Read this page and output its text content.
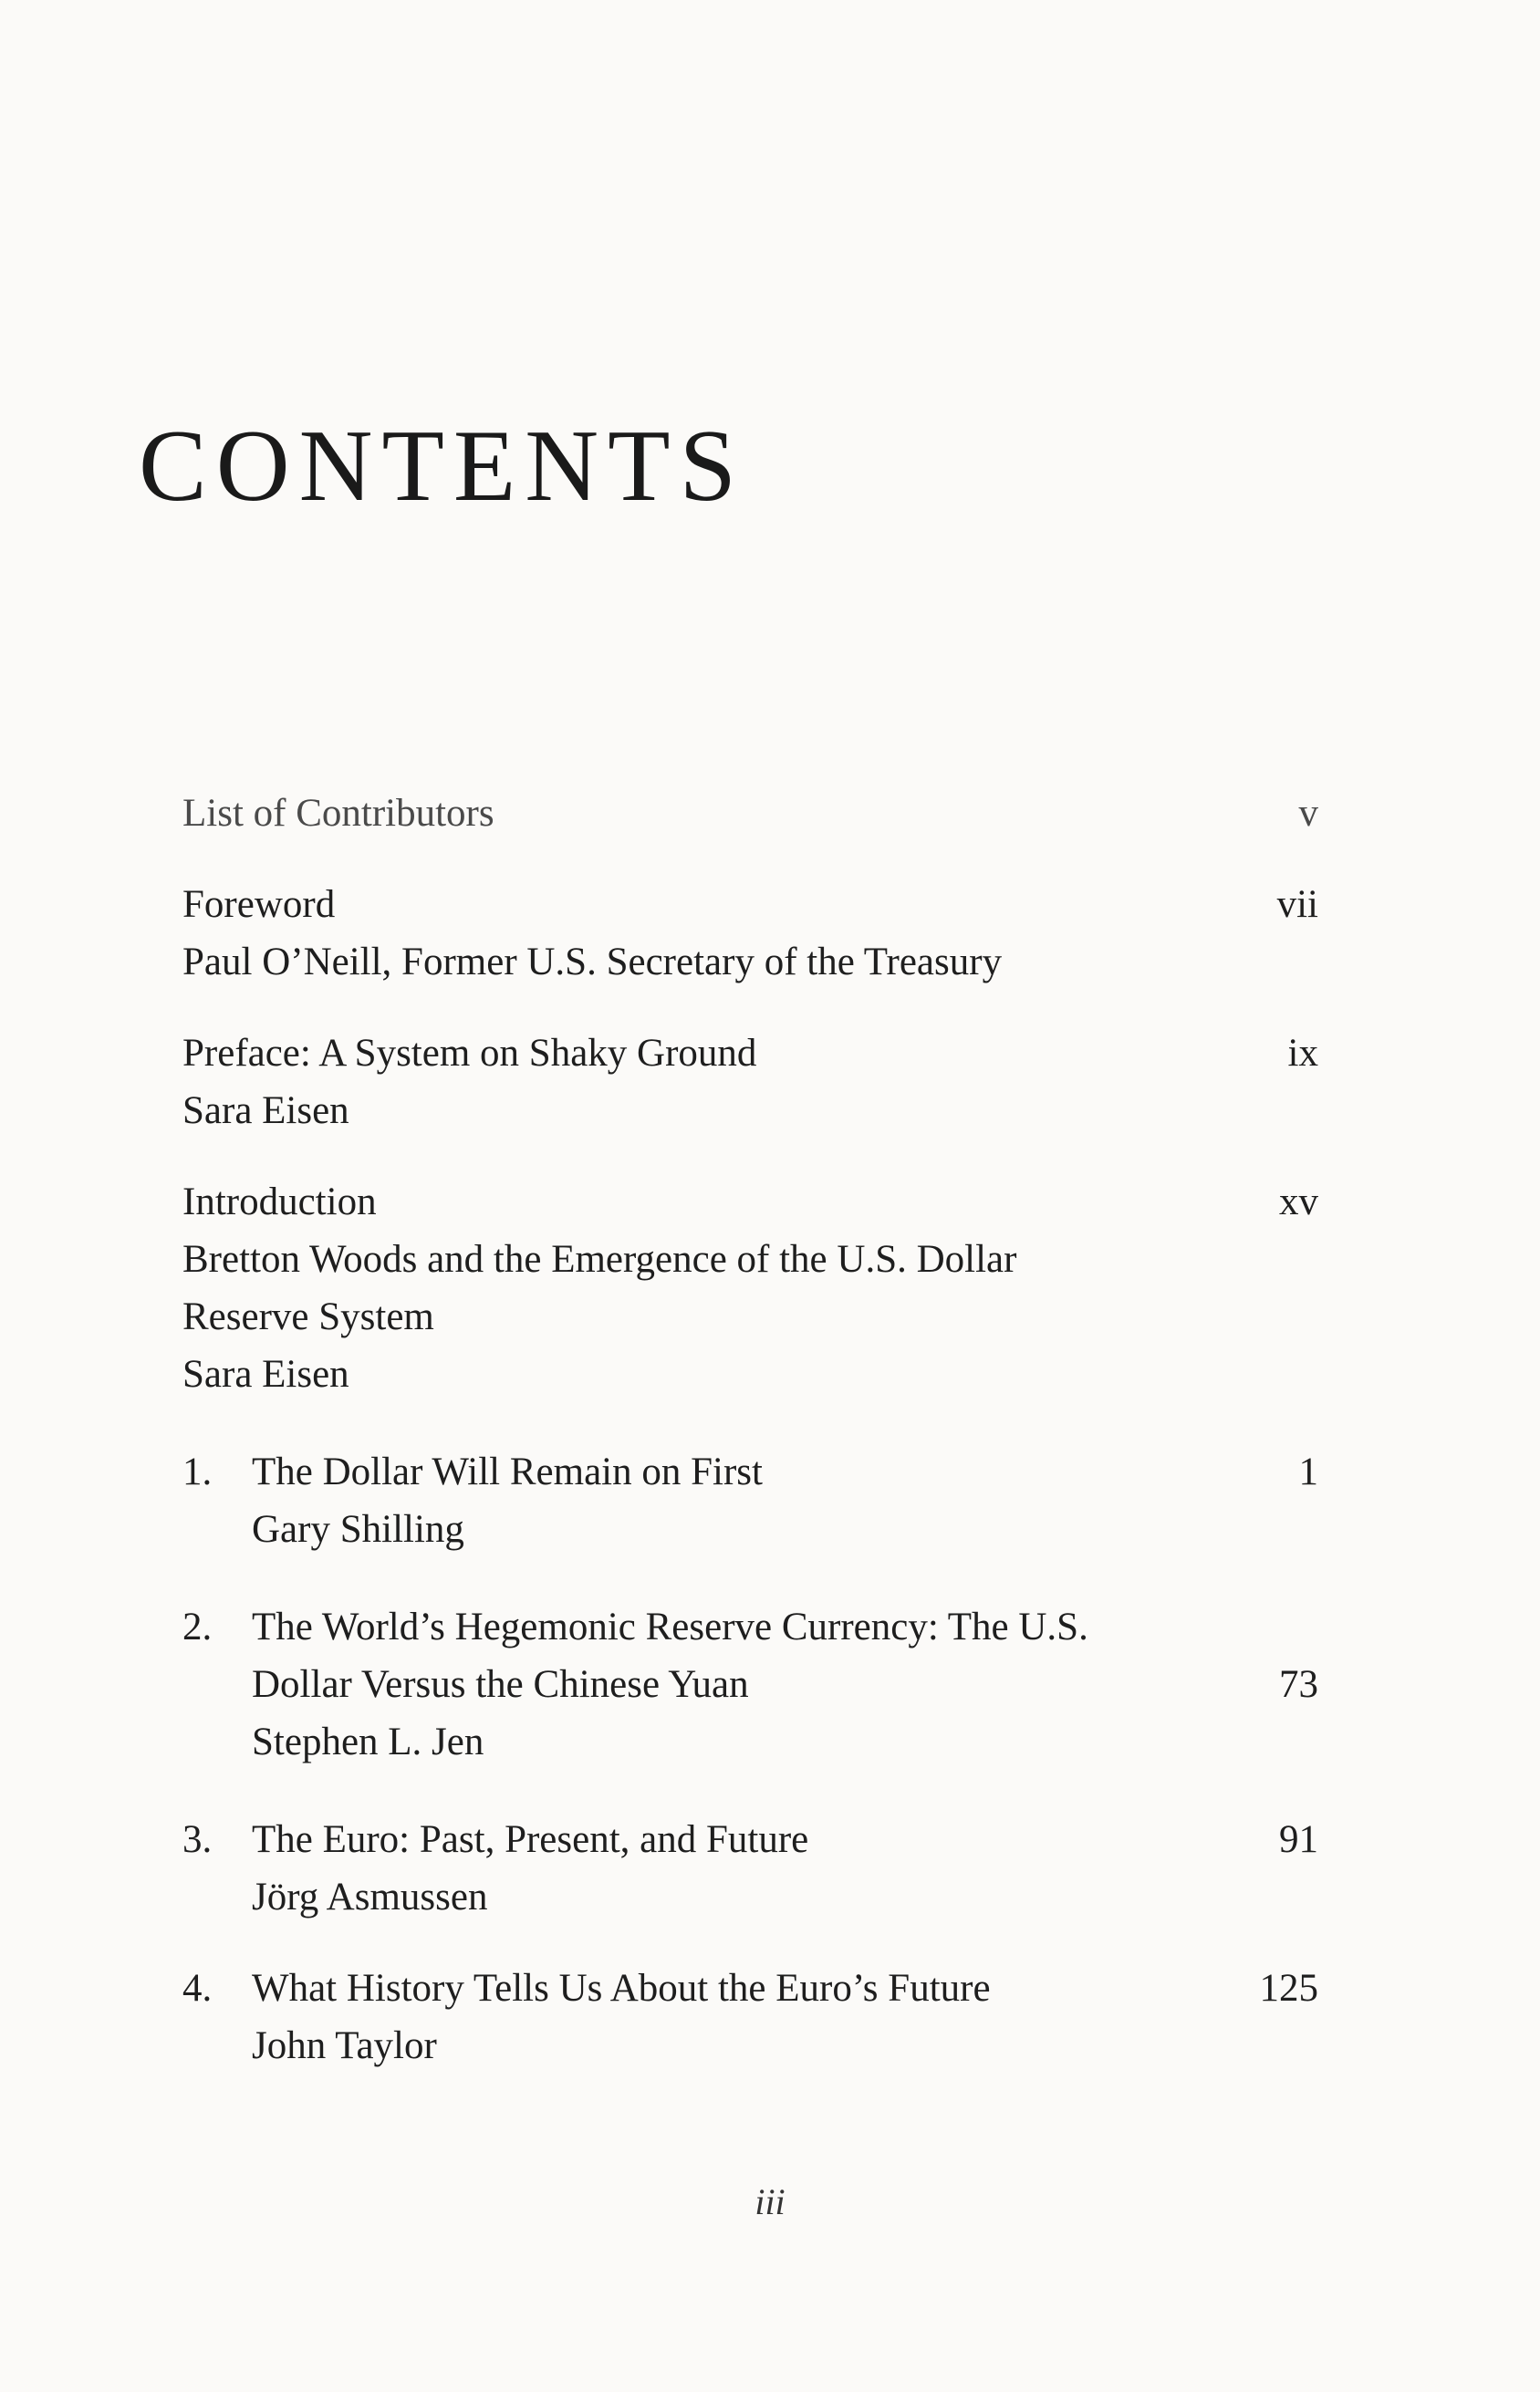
CONTENTS
List of Contributors	v
Foreword
Paul O’Neill, Former U.S. Secretary of the Treasury
vii
Preface: A System on Shaky Ground
Sara Eisen
ix
Introduction
Bretton Woods and the Emergence of the U.S. Dollar
Reserve System
Sara Eisen
xv
1. The Dollar Will Remain on First
Gary Shilling
1
2. The World’s Hegemonic Reserve Currency: The U.S.
Dollar Versus the Chinese Yuan
Stephen L. Jen
73
3. The Euro: Past, Present, and Future
Jörg Asmussen
91
4. What History Tells Us About the Euro’s Future
John Taylor
125
iii
